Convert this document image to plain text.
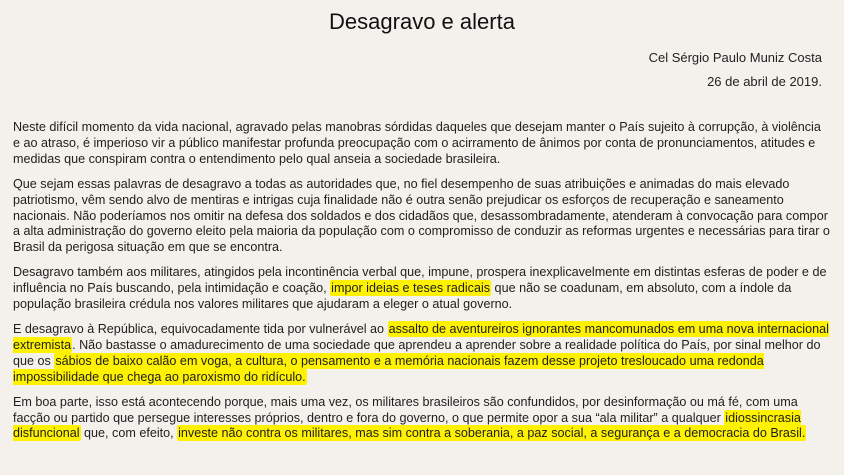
Desagravo e alerta
Cel Sérgio Paulo Muniz Costa
26 de abril de 2019.

Neste difícil momento da vida nacional, agravado pelas manobras sórdidas daqueles que desejam manter o País sujeito à corrupção, à violência e ao atraso, é imperioso vir a público manifestar profunda preocupação com o acirramento de ânimos por conta de pronunciamentos, atitudes e medidas que conspiram contra o entendimento pelo qual anseia a sociedade brasileira.

Que sejam essas palavras de desagravo a todas as autoridades que, no fiel desempenho de suas atribuições e animadas do mais elevado patriotismo, vêm sendo alvo de mentiras e intrigas cuja finalidade não é outra senão prejudicar os esforços de recuperação e saneamento nacionais. Não poderíamos nos omitir na defesa dos soldados e dos cidadãos que, desassombradamente, atenderam à convocação para compor a alta administração do governo eleito pela maioria da população com o compromisso de conduzir as reformas urgentes e necessárias para tirar o Brasil da perigosa situação em que se encontra.

Desagravo também aos militares, atingidos pela incontinência verbal que, impune, prospera inexplicavelmente em distintas esferas de poder e de influência no País buscando, pela intimidação e coação, impor ideias e teses radicais que não se coadunam, em absoluto, com a índole da população brasileira crédula nos valores militares que ajudaram a eleger o atual governo.

E desagravo à República, equivocadamente tida por vulnerável ao assalto de aventureiros ignorantes mancomunados em uma nova internacional extremista. Não bastasse o amadurecimento de uma sociedade que aprendeu a aprender sobre a realidade política do País, por sinal melhor do que os sábios de baixo calão em voga, a cultura, o pensamento e a memória nacionais fazem desse projeto tresloucado uma redonda impossibilidade que chega ao paroxismo do ridículo.

Em boa parte, isso está acontecendo porque, mais uma vez, os militares brasileiros são confundidos, por desinformação ou má fé, com uma facção ou partido que persegue interesses próprios, dentro e fora do governo, o que permite opor a sua “ala militar” a qualquer idiossincrasia disfuncional que, com efeito, investe não contra os militares, mas sim contra a soberania, a paz social, a segurança e a democracia do Brasil.
